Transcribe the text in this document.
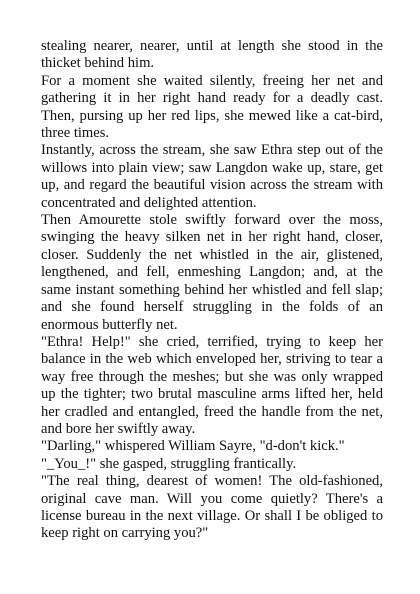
stealing nearer, nearer, until at length she stood in the thicket behind him.

For a moment she waited silently, freeing her net and gathering it in her right hand ready for a deadly cast. Then, pursing up her red lips, she mewed like a cat-bird, three times.

Instantly, across the stream, she saw Ethra step out of the willows into plain view; saw Langdon wake up, stare, get up, and regard the beautiful vision across the stream with concentrated and delighted attention.

Then Amourette stole swiftly forward over the moss, swinging the heavy silken net in her right hand, closer, closer. Suddenly the net whistled in the air, glistened, lengthened, and fell, enmeshing Langdon; and, at the same instant something behind her whistled and fell slap; and she found herself struggling in the folds of an enormous butterfly net.

"Ethra! Help!" she cried, terrified, trying to keep her balance in the web which enveloped her, striving to tear a way free through the meshes; but she was only wrapped up the tighter; two brutal masculine arms lifted her, held her cradled and entangled, freed the handle from the net, and bore her swiftly away.

"Darling," whispered William Sayre, "d-don't kick."

"_You_!" she gasped, struggling frantically.

"The real thing, dearest of women! The old-fashioned, original cave man. Will you come quietly? There's a license bureau in the next village. Or shall I be obliged to keep right on carrying you?"
